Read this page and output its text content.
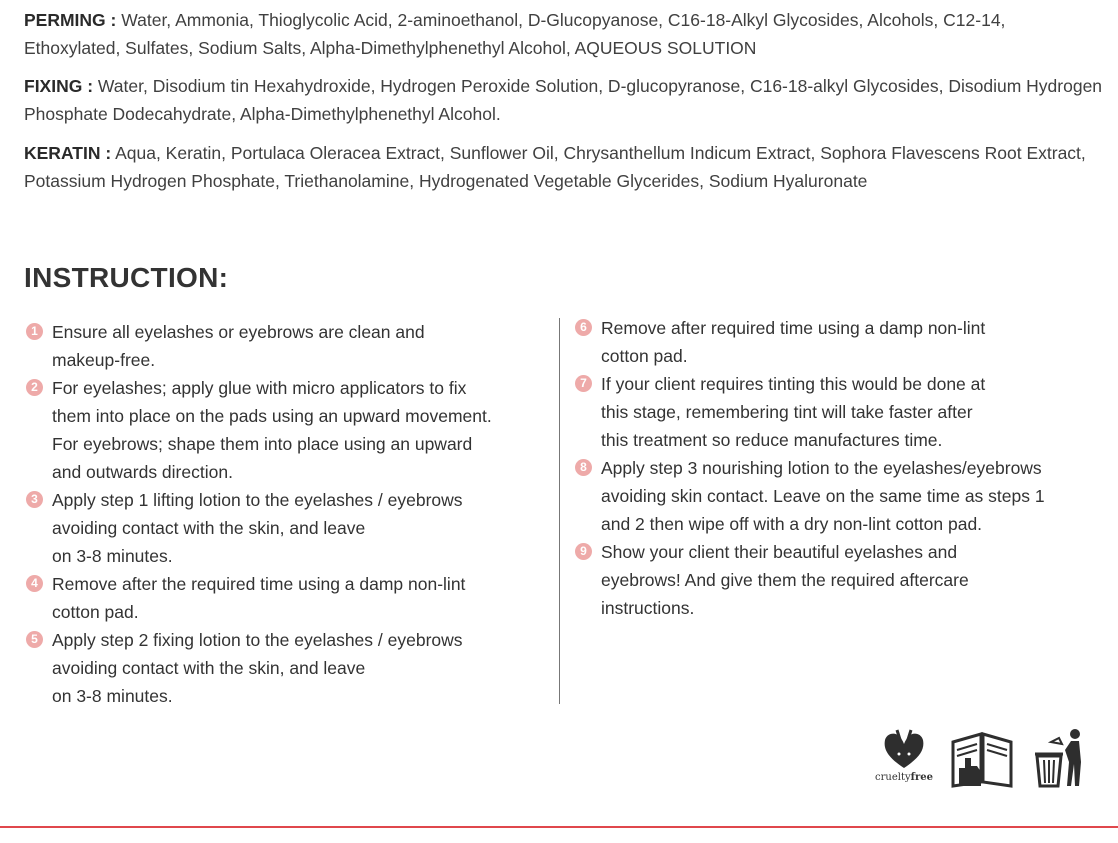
PERMING : Water, Ammonia, Thioglycolic Acid, 2-aminoethanol, D-Glucopyanose, C16-18-Alkyl Glycosides, Alcohols, C12-14, Ethoxylated, Sulfates, Sodium Salts, Alpha-Dimethylphenethyl Alcohol, AQUEOUS SOLUTION

FIXING : Water, Disodium tin Hexahydroxide, Hydrogen Peroxide Solution, D-glucopyranose, C16-18-alkyl Glycosides, Disodium Hydrogen Phosphate Dodecahydrate, Alpha-Dimethylphenethyl Alcohol.

KERATIN : Aqua, Keratin, Portulaca Oleracea Extract, Sunflower Oil, Chrysanthellum Indicum Extract, Sophora Flavescens Root Extract, Potassium Hydrogen Phosphate, Triethanolamine, Hydrogenated Vegetable Glycerides, Sodium Hyaluronate

INSTRUCTION:

1 Ensure all eyelashes or eyebrows are clean and
makeup-free.

2 For eyelashes; apply glue with micro applicators to fix
them into place on the pads using an upward movement.
For eyebrows; shape them into place using an upward
and outwards direction.

3 Apply step 1 lifting lotion to the eyelashes / eyebrows
avoiding contact with the skin, and leave
on 3-8 minutes.

4 Remove after the required time using a damp non-lint
cotton pad.

5 Apply step 2 fixing lotion to the eyelashes / eyebrows
avoiding contact with the skin, and leave
on 3-8 minutes.

6 Remove after required time using a damp non-lint
cotton pad.

7 If your client requires tinting this would be done at
this stage, remembering tint will take faster after
this treatment so reduce manufactures time.

8 Apply step 3 nourishing lotion to the eyelashes/eyebrows
avoiding skin contact. Leave on the same time as steps 1
and 2 then wipe off with a dry non-lint cotton pad.

9 Show your client their beautiful eyelashes and
eyebrows! And give them the required aftercare
instructions.

crueltyfree
